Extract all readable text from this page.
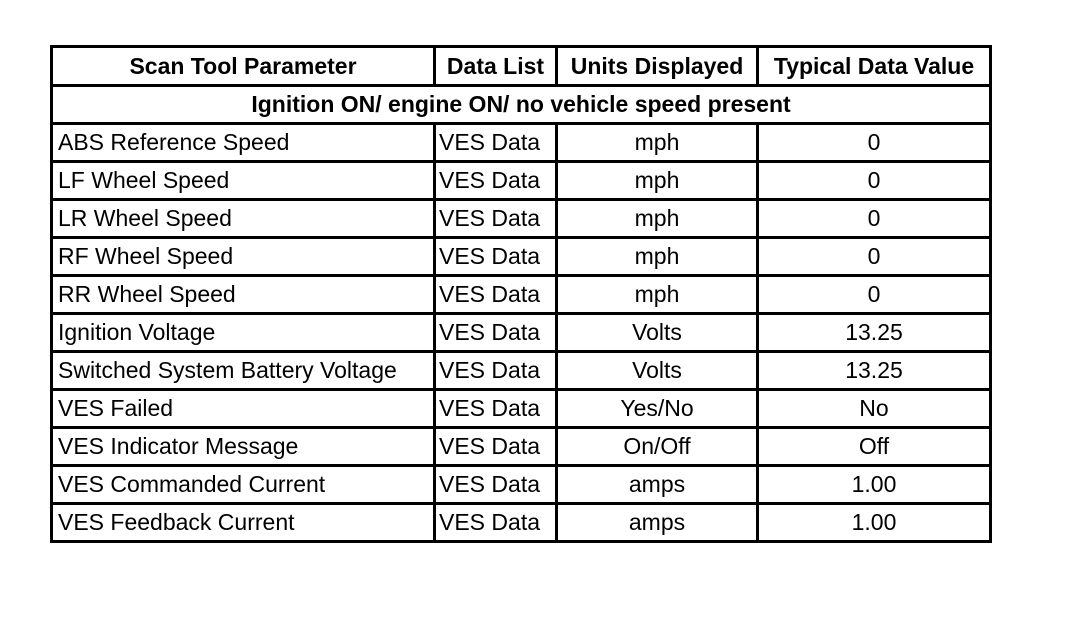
Scan Tool Parameter	Data List	Units Displayed	Typical Data Value
Ignition ON/ engine ON/ no vehicle speed present			
ABS Reference Speed	VES Data	mph	0
LF Wheel Speed	VES Data	mph	0
LR Wheel Speed	VES Data	mph	0
RF Wheel Speed	VES Data	mph	0
RR Wheel Speed	VES Data	mph	0
Ignition Voltage	VES Data	Volts	13.25
Switched System Battery Voltage	VES Data	Volts	13.25
VES Failed	VES Data	Yes/No	No
VES Indicator Message	VES Data	On/Off	Off
VES Commanded Current	VES Data	amps	1.00
VES Feedback Current	VES Data	amps	1.00
